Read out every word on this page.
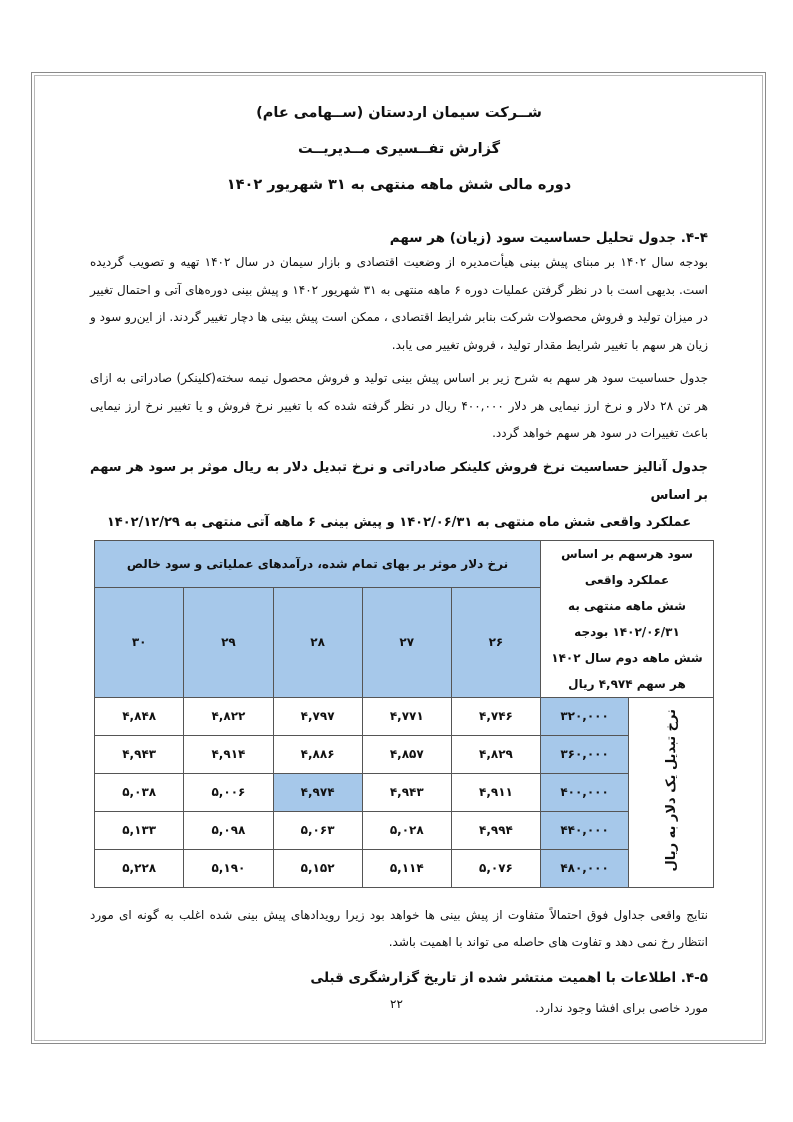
شــرکت سیمان اردستان (ســهامی عام)
گزارش تفــسیری مــدیریــت
دوره مالی شش ماهه منتهی به ۳۱ شهریور ۱۴۰۲
۴-۴. جدول تحلیل حساسیت سود (زیان) هر سهم

بودجه سال ۱۴۰۲ بر مبنای پیش بینی هیأت‌مدیره از وضعیت اقتصادی و بازار سیمان در سال ۱۴۰۲ تهیه و تصویب گردیده است. بدیهی است با در نظر گرفتن عملیات دوره ۶ ماهه منتهی به ۳۱ شهریور ۱۴۰۲ و پیش بینی دوره‌های آتی و احتمال تغییر در میزان تولید و فروش محصولات شرکت بنابر شرایط اقتصادی ، ممکن است پیش بینی ها دچار تغییر گردند. از این‌رو سود و زیان هر سهم با تغییر شرایط مقدار تولید ، فروش تغییر می یابد.

جدول حساسیت سود هر سهم به شرح زیر بر اساس پیش بینی تولید و فروش محصول نیمه سخته(کلینکر) صادراتی به ازای هر تن ۲۸ دلار و نرخ ارز نیمایی هر دلار ۴۰۰,۰۰۰ ریال در نظر گرفته شده که با تغییر نرخ فروش و یا تغییر نرخ ارز نیمایی باعث تغییرات در سود هر سهم خواهد گردد.

جدول آنالیز حساسیت نرخ فروش کلینکر صادراتی و نرخ تبدیل دلار به ریال موثر بر سود هر سهم بر اساس
عملکرد واقعی شش ماه منتهی به ۱۴۰۲/۰۶/۳۱ و پیش بینی ۶ ماهه آتی منتهی به ۱۴۰۲/۱۲/۲۹
سود هرسهم بر اساس عملکرد واقعی
شش ماهه منتهی به ۱۴۰۲/۰۶/۳۱ بودجه
شش ماهه دوم سال ۱۴۰۲
هر سهم ۴,۹۷۴ ریال		نرخ دلار موثر بر بهای تمام شده، درآمدهای عملیاتی و سود خالص				
		۲۶	۲۷	۲۸	۲۹	۳۰
نرخ تبدیل یک دلار به ریال	۳۲۰,۰۰۰	۴,۷۴۶	۴,۷۷۱	۴,۷۹۷	۴,۸۲۲	۴,۸۴۸
	۳۶۰,۰۰۰	۴,۸۲۹	۴,۸۵۷	۴,۸۸۶	۴,۹۱۴	۴,۹۴۳
	۴۰۰,۰۰۰	۴,۹۱۱	۴,۹۴۳	۴,۹۷۴	۵,۰۰۶	۵,۰۳۸
	۴۴۰,۰۰۰	۴,۹۹۴	۵,۰۲۸	۵,۰۶۳	۵,۰۹۸	۵,۱۳۳
	۴۸۰,۰۰۰	۵,۰۷۶	۵,۱۱۴	۵,۱۵۲	۵,۱۹۰	۵,۲۲۸

نتایج واقعی جداول فوق احتمالاً متفاوت از پیش بینی ها خواهد بود زیرا رویدادهای پیش بینی شده اغلب به گونه ای مورد انتظار رخ نمی دهد و تفاوت های حاصله می تواند با اهمیت باشد.

۴-۵. اطلاعات با اهمیت منتشر شده از تاریخ گزارشگری قبلی

مورد خاصی برای افشا وجود ندارد.

۲۲
